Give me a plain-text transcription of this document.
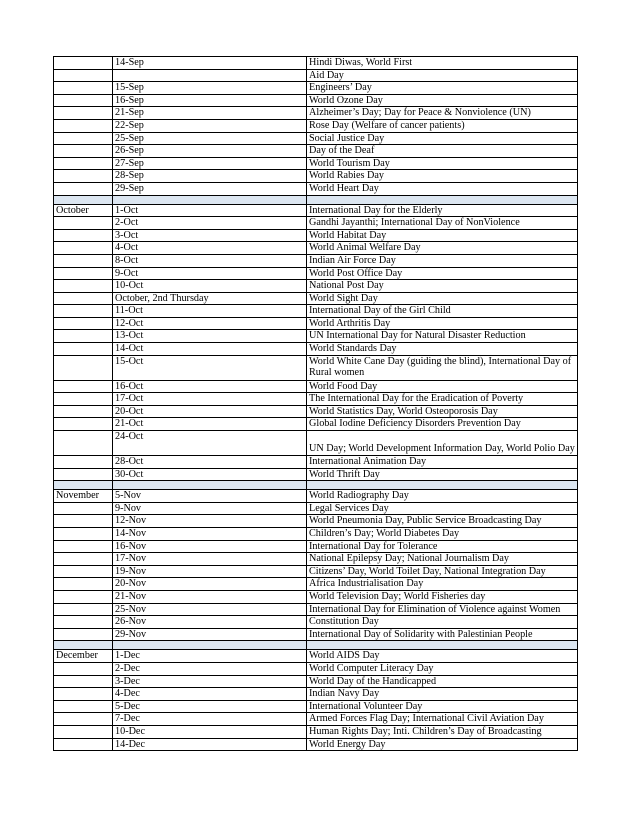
	14-Sep	Hindi Diwas, World First
		Aid Day
	15-Sep	Engineers’ Day
	16-Sep	World Ozone Day
	21-Sep	Alzheimer’s Day; Day for Peace & Nonviolence (UN)
	22-Sep	Rose Day (Welfare of cancer patients)
	25-Sep	Social Justice Day
	26-Sep	Day of the Deaf
	27-Sep	World Tourism Day
	28-Sep	World Rabies Day
	29-Sep	World Heart Day

October	1-Oct	International Day for the Elderly
	2-Oct	Gandhi Jayanthi; International Day of NonViolence
	3-Oct	World Habitat Day
	4-Oct	World Animal Welfare Day
	8-Oct	Indian Air Force Day
	9-Oct	World Post Office Day
	10-Oct	National Post Day
	October, 2nd Thursday	World Sight Day
	11-Oct	International Day of the Girl Child
	12-Oct	World Arthritis Day
	13-Oct	UN International Day for Natural Disaster Reduction
	14-Oct	World Standards Day
	15-Oct	World White Cane Day (guiding the blind), International Day of Rural women
	16-Oct	World Food Day
	17-Oct	The International Day for the Eradication of Poverty
	20-Oct	World Statistics Day, World Osteoporosis Day
	21-Oct	Global Iodine Deficiency Disorders Prevention Day
	24-Oct	UN Day; World Development Information Day, World Polio Day
	28-Oct	International Animation Day
	30-Oct	World Thrift Day

November	5-Nov	World Radiography Day
	9-Nov	Legal Services Day
	12-Nov	World Pneumonia Day, Public Service Broadcasting Day
	14-Nov	Children’s Day; World Diabetes Day
	16-Nov	International Day for Tolerance
	17-Nov	National Epilepsy Day; National Journalism Day
	19-Nov	Citizens’ Day, World Toilet Day, National Integration Day
	20-Nov	Africa Industrialisation Day
	21-Nov	World Television Day; World Fisheries day
	25-Nov	International Day for Elimination of Violence against Women
	26-Nov	Constitution Day
	29-Nov	International Day of Solidarity with Palestinian People

December	1-Dec	World AIDS Day
	2-Dec	World Computer Literacy Day
	3-Dec	World Day of the Handicapped
	4-Dec	Indian Navy Day
	5-Dec	International Volunteer Day
	7-Dec	Armed Forces Flag Day; International Civil Aviation Day
	10-Dec	Human Rights Day; Inti. Children’s Day of Broadcasting
	14-Dec	World Energy Day
